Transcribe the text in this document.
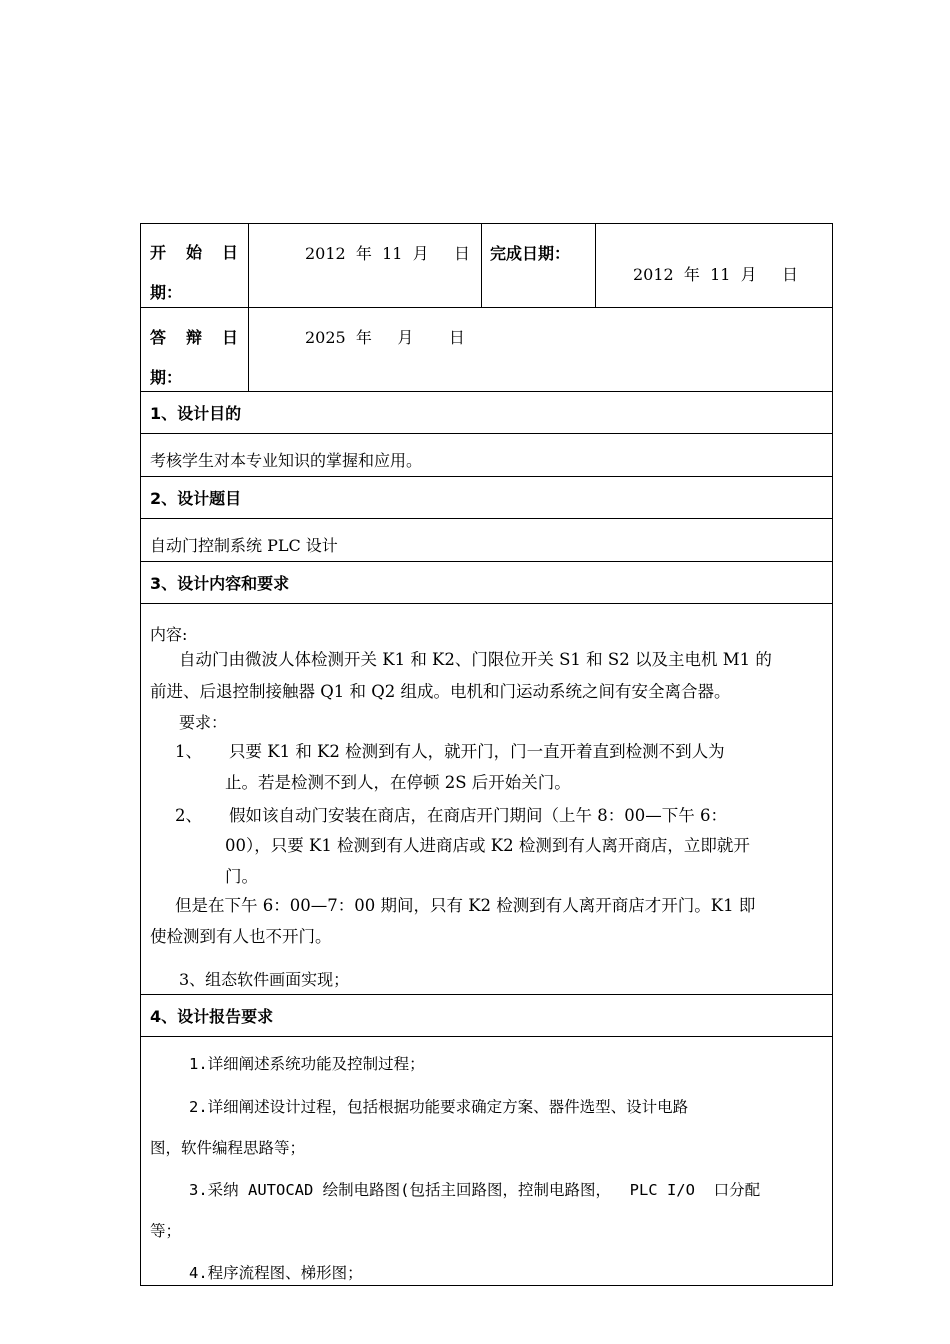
开 始 日
期：
2012  年  11  月     日 完成日期：
2012  年  11  月     日
答 辩 日
期：
2025  年     月       日
1、设计目的
考核学生对本专业知识的掌握和应用。
2、设计题目
自动门控制系统 PLC 设计
3、设计内容和要求
内容:
自动门由微波人体检测开关 K1 和 K2、门限位开关 S1 和 S2 以及主电机 M1 的
前进、后退控制接触器 Q1 和 Q2 组成。电机和门运动系统之间有安全离合器。
要求：
1、 只要 K1 和 K2 检测到有人，就开门，门一直开着直到检测不到人为
止。若是检测不到人，在停顿 2S 后开始关门。
2、 假如该自动门安装在商店，在商店开门期间（上午 8：00—下午 6：
00），只要 K1 检测到有人进商店或 K2 检测到有人离开商店，立即就开
门。
但是在下午 6：00—7：00 期间，只有 K2 检测到有人离开商店才开门。K1 即
使检测到有人也不开门。
3、组态软件画面实现；
4、设计报告要求
1.详细阐述系统功能及控制过程；
2.详细阐述设计过程，包括根据功能要求确定方案、器件选型、设计电路
图，软件编程思路等；
3.采纳 AUTOCAD 绘制电路图(包括主回路图，控制电路图，  PLC I/O  口分配
等；
4.程序流程图、梯形图；
